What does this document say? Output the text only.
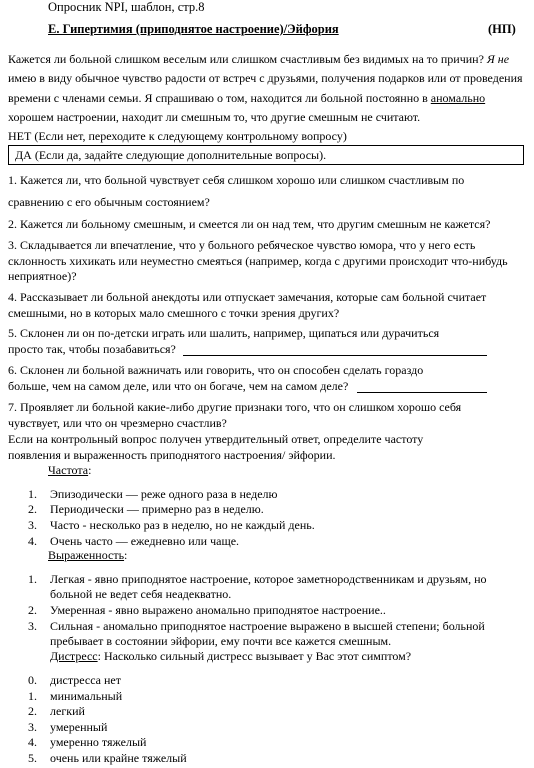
Опросник NPI, шаблон, стр.8
Е. Гипертимия (приподнятое настроение)/Эйфория	(НП)
Кажется ли больной слишком веселым или слишком счастливым без видимых на то причин? Я не
имею в виду обычное чувство радости от встреч с друзьями, получения подарков или от проведения
времени с членами семьи. Я спрашиваю о том, находится ли больной постоянно в аномально
хорошем настроении, находит ли смешным то, что другие смешным не считают.
НЕТ (Если нет, переходите к следующему контрольному вопросу)
ДА (Если да, задайте следующие дополнительные вопросы).
1. Кажется ли, что больной чувствует себя слишком хорошо или слишком счастливым по
сравнению с его обычным состоянием?
2. Кажется ли больному смешным, и смеется ли он над тем, что другим смешным не кажется?
3. Складывается ли впечатление, что у больного ребяческое чувство юмора, что у него есть
склонность хихикать или неуместно смеяться (например, когда с другими происходит что-нибудь
неприятное)?
4. Рассказывает ли больной анекдоты или отпускает замечания, которые сам больной считает
смешными, но в которых мало смешного с точки зрения других?
5. Склонен ли он по-детски играть или шалить, например, щипаться или дурачиться
просто так, чтобы позабавиться?
6. Склонен ли больной важничать или говорить, что он способен сделать гораздо
больше, чем на самом деле, или что он богаче, чем на самом деле?
7. Проявляет ли больной какие-либо другие признаки того, что он слишком хорошо себя
чувствует, или что он чрезмерно счастлив?
Если на контрольный вопрос получен утвердительный ответ, определите частоту
появления и выраженность приподнятого настроения/ эйфории.
Частота:
1. Эпизодически — реже одного раза в неделю
2. Периодически — примерно раз в неделю.
3. Часто - несколько раз в неделю, но не каждый день.
4. Очень часто — ежедневно или чаще.
Выраженность:
1. Легкая - явно приподнятое настроение, которое заметнородственникам и друзьям, но
больной не ведет себя неадекватно.
2. Умеренная - явно выражено аномально приподнятое настроение..
3. Сильная - аномально приподнятое настроение выражено в высшей степени; больной
пребывает в состоянии эйфории, ему почти все кажется смешным.
Дистресс: Насколько сильный дистресс вызывает у Вас этот симптом?
0. дистресса нет
1. минимальный
2. легкий
3. умеренный
4. умеренно тяжелый
5. очень или крайне тяжелый
